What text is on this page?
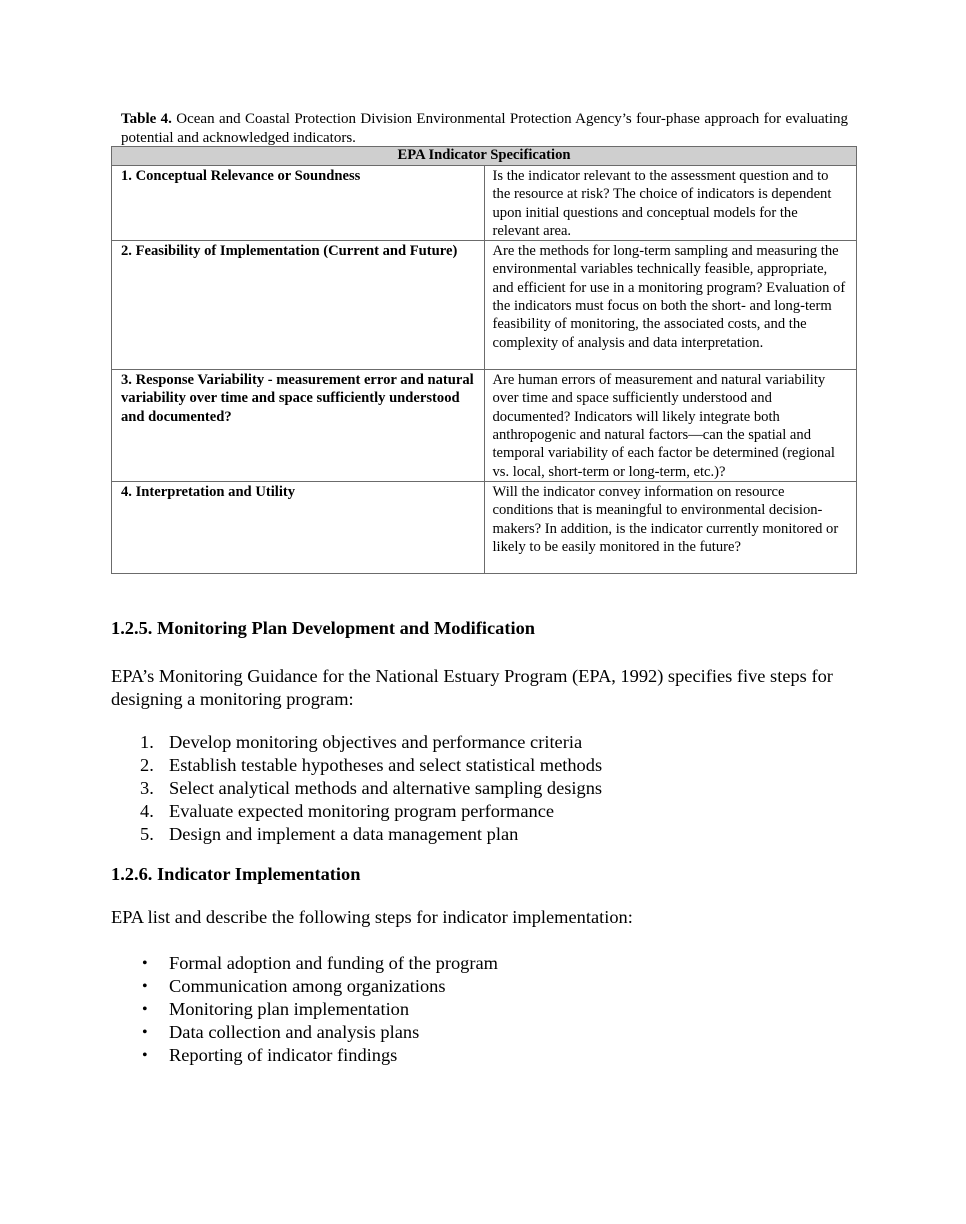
Table 4. Ocean and Coastal Protection Division Environmental Protection Agency’s four-phase approach for evaluating potential and acknowledged indicators.
EPA Indicator Specification	
1. Conceptual Relevance or Soundness	Is the indicator relevant to the assessment question and to the resource at risk? The choice of indicators is dependent upon initial questions and conceptual models for the relevant area.
2. Feasibility of Implementation (Current and Future)	Are the methods for long-term sampling and measuring the environmental variables technically feasible, appropriate, and efficient for use in a monitoring program? Evaluation of the indicators must focus on both the short- and long-term feasibility of monitoring, the associated costs, and the complexity of analysis and data interpretation.
3. Response Variability - measurement error and natural variability over time and space sufficiently understood and documented?	Are human errors of measurement and natural variability over time and space sufficiently understood and documented? Indicators will likely integrate both anthropogenic and natural factors—can the spatial and temporal variability of each factor be determined (regional vs. local, short-term or long-term, etc.)?
4. Interpretation and Utility	Will the indicator convey information on resource conditions that is meaningful to environmental decision-makers? In addition, is the indicator currently monitored or likely to be easily monitored in the future?
1.2.5. Monitoring Plan Development and Modification
EPA’s Monitoring Guidance for the National Estuary Program (EPA, 1992) specifies five steps for designing a monitoring program:
1. Develop monitoring objectives and performance criteria
2. Establish testable hypotheses and select statistical methods
3. Select analytical methods and alternative sampling designs
4. Evaluate expected monitoring program performance
5. Design and implement a data management plan
1.2.6. Indicator Implementation
EPA list and describe the following steps for indicator implementation:
• Formal adoption and funding of the program
• Communication among organizations
• Monitoring plan implementation
• Data collection and analysis plans
• Reporting of indicator findings
